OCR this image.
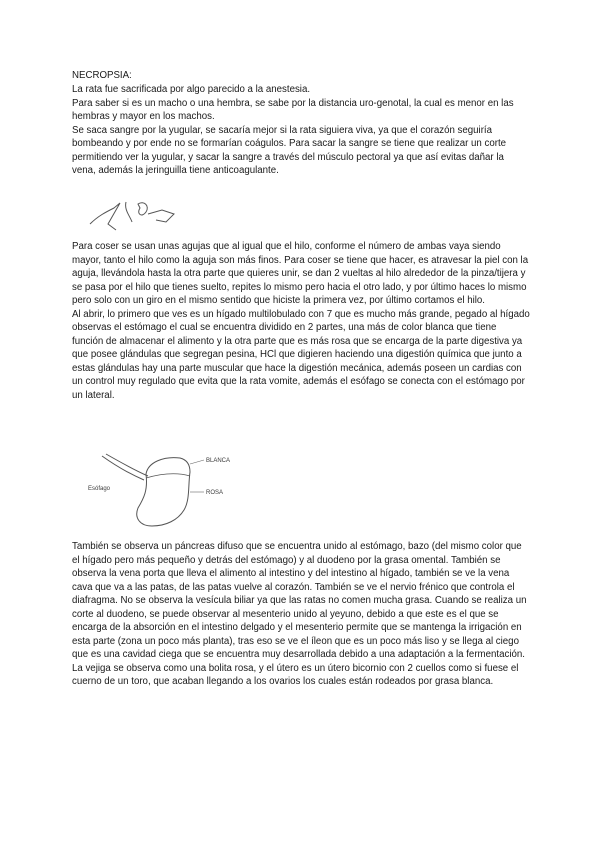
NECROPSIA:

La rata fue sacrificada por algo parecido a la anestesia.

Para saber si es un macho o una hembra, se sabe por la distancia uro-genotal, la cual es menor en las hembras y mayor en los machos.

Se saca sangre por la yugular, se sacaría mejor si la rata siguiera viva, ya que el corazón seguiría bombeando y por ende no se formarían coágulos. Para sacar la sangre se tiene que realizar un corte permitiendo ver la yugular, y sacar la sangre a través del músculo pectoral ya que así evitas dañar la vena, además la jeringuilla tiene anticoagulante.

Para coser se usan unas agujas que al igual que el hilo, conforme el número de ambas vaya siendo mayor, tanto el hilo como la aguja son más finos. Para coser se tiene que hacer, es atravesar la piel con la aguja, llevándola hasta la otra parte que quieres unir, se dan 2 vueltas al hilo alrededor de la pinza/tijera y se pasa por el hilo que tienes suelto, repites lo mismo pero hacia el otro lado, y por último haces lo mismo pero solo con un giro en el mismo sentido que hiciste la primera vez, por último cortamos el hilo.

Al abrir, lo primero que ves es un hígado multilobulado con 7 que es mucho más grande, pegado al hígado observas el estómago el cual se encuentra dividido en 2 partes, una más de color blanca que tiene función de almacenar el alimento y la otra parte que es más rosa que se encarga de la parte digestiva ya que posee glándulas que segregan pesina, HCl que digieren haciendo una digestión química que junto a estas glándulas hay una parte muscular que hace la digestión mecánica, además poseen un cardias con un control muy regulado que evita que la rata vomite, además el esófago se conecta con el estómago por un lateral.

Esófago
BLANCA
ROSA

También se observa un páncreas difuso que se encuentra unido al estómago, bazo (del mismo color que el hígado pero más pequeño y detrás del estómago) y al duodeno por la grasa omental. También se observa la vena porta que lleva el alimento al intestino y del intestino al hígado, también se ve la vena cava que va a las patas, de las patas vuelve al corazón. También se ve el nervio frénico que controla el diafragma. No se observa la vesícula biliar ya que las ratas no comen mucha grasa. Cuando se realiza un corte al duodeno, se puede observar al mesenterio unido al yeyuno, debido a que este es el que se encarga de la absorción en el intestino delgado y el mesenterio permite que se mantenga la irrigación en esta parte (zona un poco más planta), tras eso se ve el íleon que es un poco más liso y se llega al ciego que es una cavidad ciega que se encuentra muy desarrollada debido a una adaptación a la fermentación. La vejiga se observa como una bolita rosa, y el útero es un útero bicornio con 2 cuellos como si fuese el cuerno de un toro, que acaban llegando a los ovarios los cuales están rodeados por grasa blanca.
